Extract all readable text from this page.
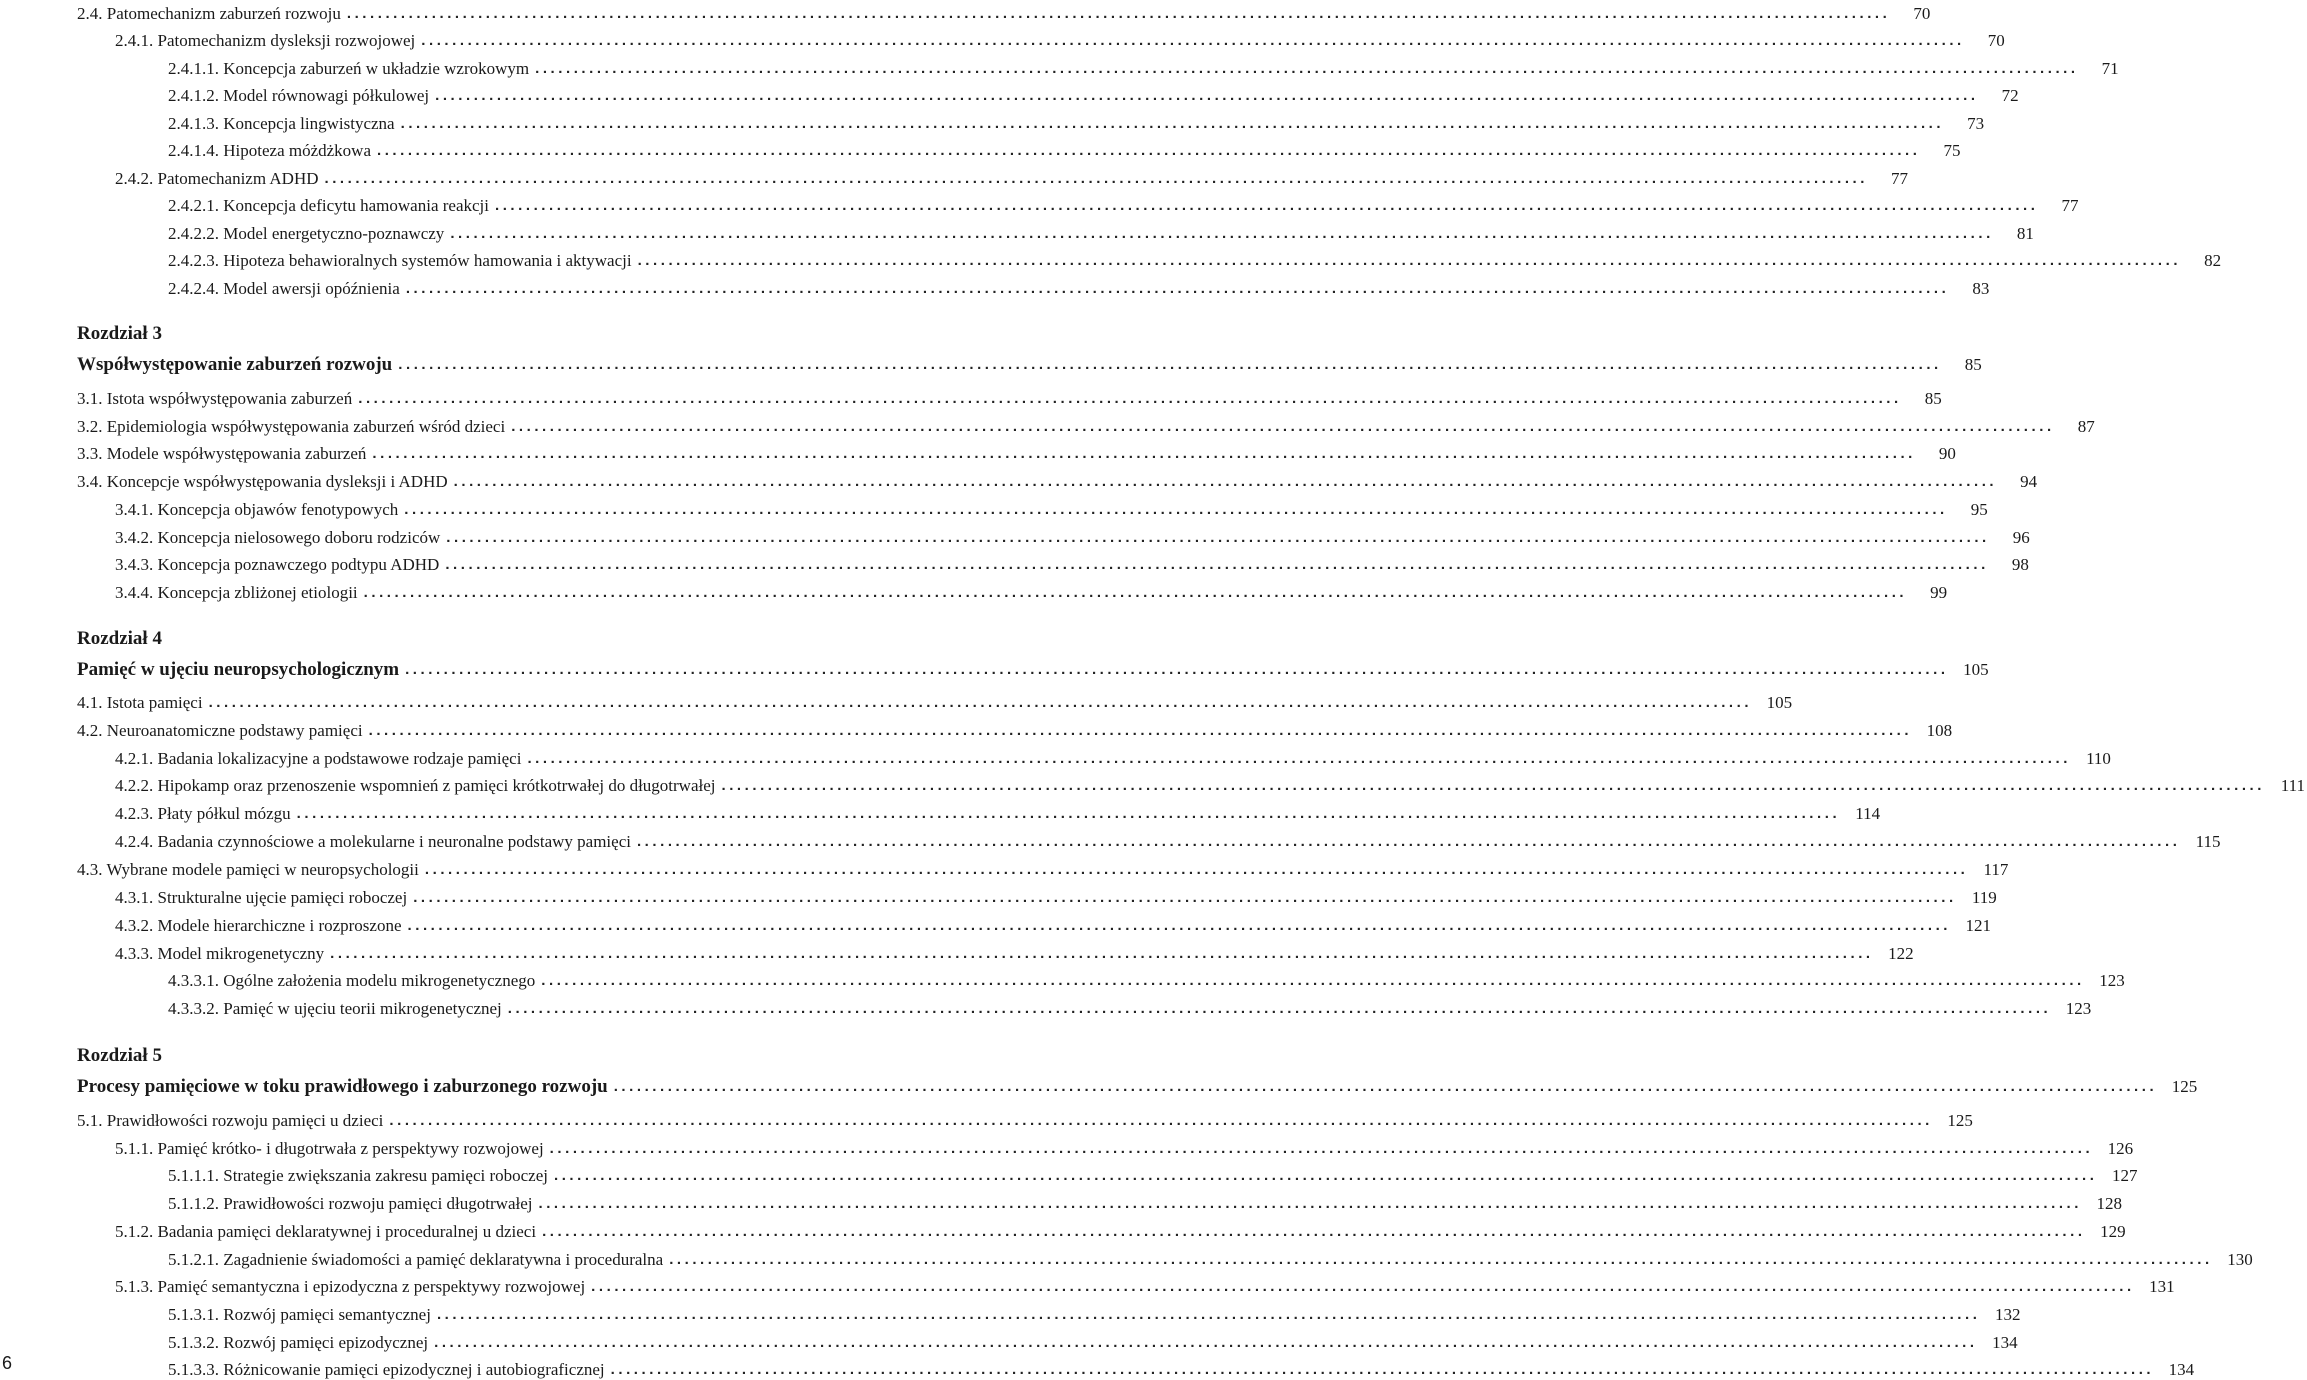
2.4. Patomechanizm zaburzeń rozwoju ........................................................................................................................................................................................................	70
2.4.1. Patomechanizm dysleksji rozwojowej ........................................................................................................................................................................................................	70
2.4.1.1. Koncepcja zaburzeń w układzie wzrokowym ........................................................................................................................................................................................................	71
2.4.1.2. Model równowagi półkulowej ........................................................................................................................................................................................................	72
2.4.1.3. Koncepcja lingwistyczna ........................................................................................................................................................................................................	73
2.4.1.4. Hipoteza móżdżkowa ........................................................................................................................................................................................................	75
2.4.2. Patomechanizm ADHD ........................................................................................................................................................................................................	77
2.4.2.1. Koncepcja deficytu hamowania reakcji ........................................................................................................................................................................................................	77
2.4.2.2. Model energetyczno-poznawczy ........................................................................................................................................................................................................	81
2.4.2.3. Hipoteza behawioralnych systemów hamowania i aktywacji ........................................................................................................................................................................................................	82
2.4.2.4. Model awersji opóźnienia ........................................................................................................................................................................................................	83
Rozdział 3
Współwystępowanie zaburzeń rozwoju ........................................................................................................................................................................................................	85
3.1. Istota współwystępowania zaburzeń ........................................................................................................................................................................................................	85
3.2. Epidemiologia współwystępowania zaburzeń wśród dzieci ........................................................................................................................................................................................................	87
3.3. Modele współwystępowania zaburzeń ........................................................................................................................................................................................................	90
3.4. Koncepcje współwystępowania dysleksji i ADHD ........................................................................................................................................................................................................	94
3.4.1. Koncepcja objawów fenotypowych ........................................................................................................................................................................................................	95
3.4.2. Koncepcja nielosowego doboru rodziców ........................................................................................................................................................................................................	96
3.4.3. Koncepcja poznawczego podtypu ADHD ........................................................................................................................................................................................................	98
3.4.4. Koncepcja zbliżonej etiologii ........................................................................................................................................................................................................	99
Rozdział 4
Pamięć w ujęciu neuropsychologicznym ........................................................................................................................................................................................................ 105
4.1. Istota pamięci ........................................................................................................................................................................................................ 105
4.2. Neuroanatomiczne podstawy pamięci ........................................................................................................................................................................................................ 108
4.2.1. Badania lokalizacyjne a podstawowe rodzaje pamięci ........................................................................................................................................................................................................ 110
4.2.2. Hipokamp oraz przenoszenie wspomnień z pamięci krótkotrwałej do długotrwałej ........................................................................................................................................................................................................ 111
4.2.3. Płaty półkul mózgu ........................................................................................................................................................................................................ 114
4.2.4. Badania czynnościowe a molekularne i neuronalne podstawy pamięci ........................................................................................................................................................................................................ 115
4.3. Wybrane modele pamięci w neuropsychologii ........................................................................................................................................................................................................ 117
4.3.1. Strukturalne ujęcie pamięci roboczej ........................................................................................................................................................................................................ 119
4.3.2. Modele hierarchiczne i rozproszone ........................................................................................................................................................................................................ 121
4.3.3. Model mikrogenetyczny ........................................................................................................................................................................................................ 122
4.3.3.1. Ogólne założenia modelu mikrogenetycznego ........................................................................................................................................................................................................ 123
4.3.3.2. Pamięć w ujęciu teorii mikrogenetycznej ........................................................................................................................................................................................................ 123
Rozdział 5
Procesy pamięciowe w toku prawidłowego i zaburzonego rozwoju ........................................................................................................................................................................................................ 125
5.1. Prawidłowości rozwoju pamięci u dzieci ........................................................................................................................................................................................................ 125
5.1.1. Pamięć krótko- i długotrwała z perspektywy rozwojowej ........................................................................................................................................................................................................ 126
5.1.1.1. Strategie zwiększania zakresu pamięci roboczej ........................................................................................................................................................................................................ 127
5.1.1.2. Prawidłowości rozwoju pamięci długotrwałej ........................................................................................................................................................................................................ 128
5.1.2. Badania pamięci deklaratywnej i proceduralnej u dzieci ........................................................................................................................................................................................................ 129
5.1.2.1. Zagadnienie świadomości a pamięć deklaratywna i proceduralna ........................................................................................................................................................................................................ 130
5.1.3. Pamięć semantyczna i epizodyczna z perspektywy rozwojowej ........................................................................................................................................................................................................ 131
5.1.3.1. Rozwój pamięci semantycznej ........................................................................................................................................................................................................ 132
5.1.3.2. Rozwój pamięci epizodycznej ........................................................................................................................................................................................................ 134
5.1.3.3. Różnicowanie pamięci epizodycznej i autobiograficznej ........................................................................................................................................................................................................ 134
6
